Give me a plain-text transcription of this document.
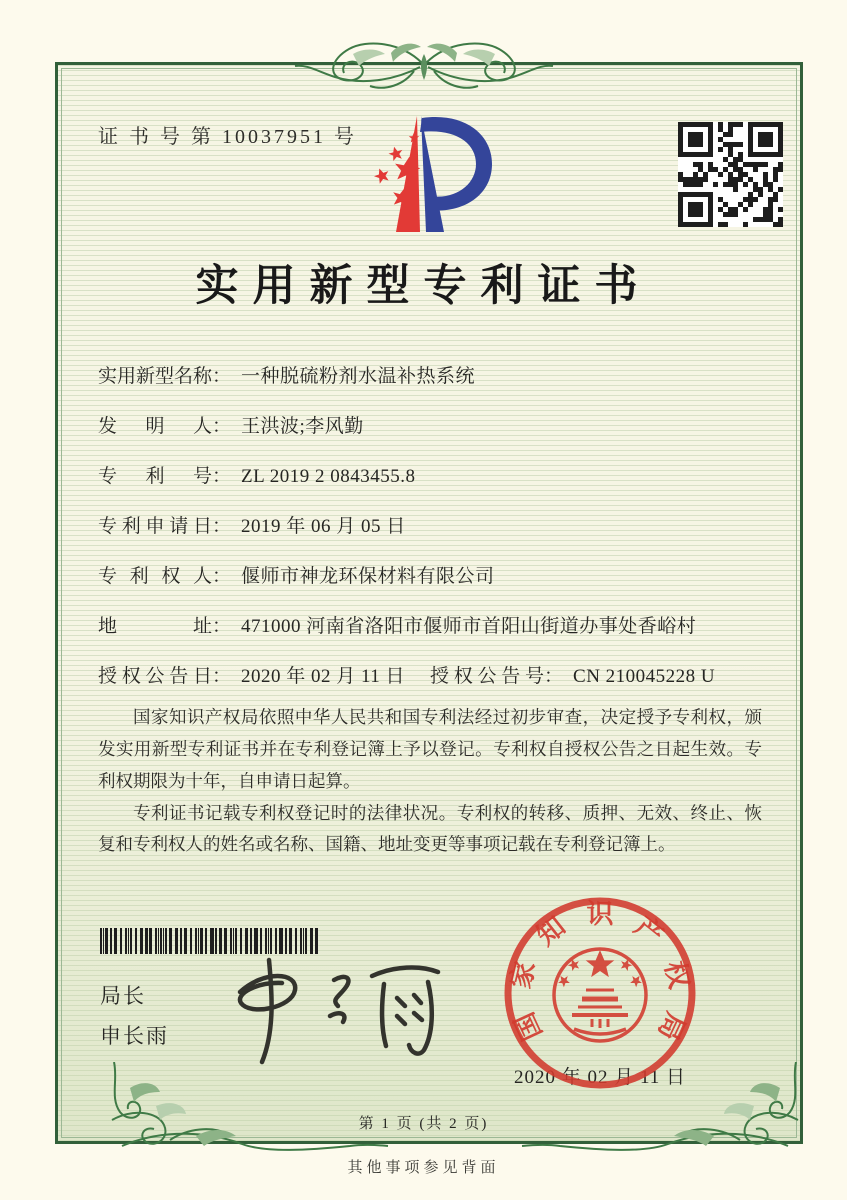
证 书 号 第 10037951 号
实用新型专利证书
实用新型名称： 一种脱硫粉剂水温补热系统
发明人： 王洪波;李风勤
专利号： ZL 2019 2 0843455.8
专利申请日： 2019 年 06 月 05 日
专利权人： 偃师市神龙环保材料有限公司
地址： 471000 河南省洛阳市偃师市首阳山街道办事处香峪村
授权公告日： 2020 年 02 月 11 日 授权公告号： CN 210045228 U

国家知识产权局依照中华人民共和国专利法经过初步审查，决定授予专利权，颁发实用新型专利证书并在专利登记簿上予以登记。专利权自授权公告之日起生效。专利权期限为十年，自申请日起算。

专利证书记载专利权登记时的法律状况。专利权的转移、质押、无效、终止、恢复和专利权人的姓名或名称、国籍、地址变更等事项记载在专利登记簿上。

局长
申长雨	国
家
知 识 产
权
局
2020 年 02 月 11 日
第 1 页 (共 2 页)
其他事项参见背面
